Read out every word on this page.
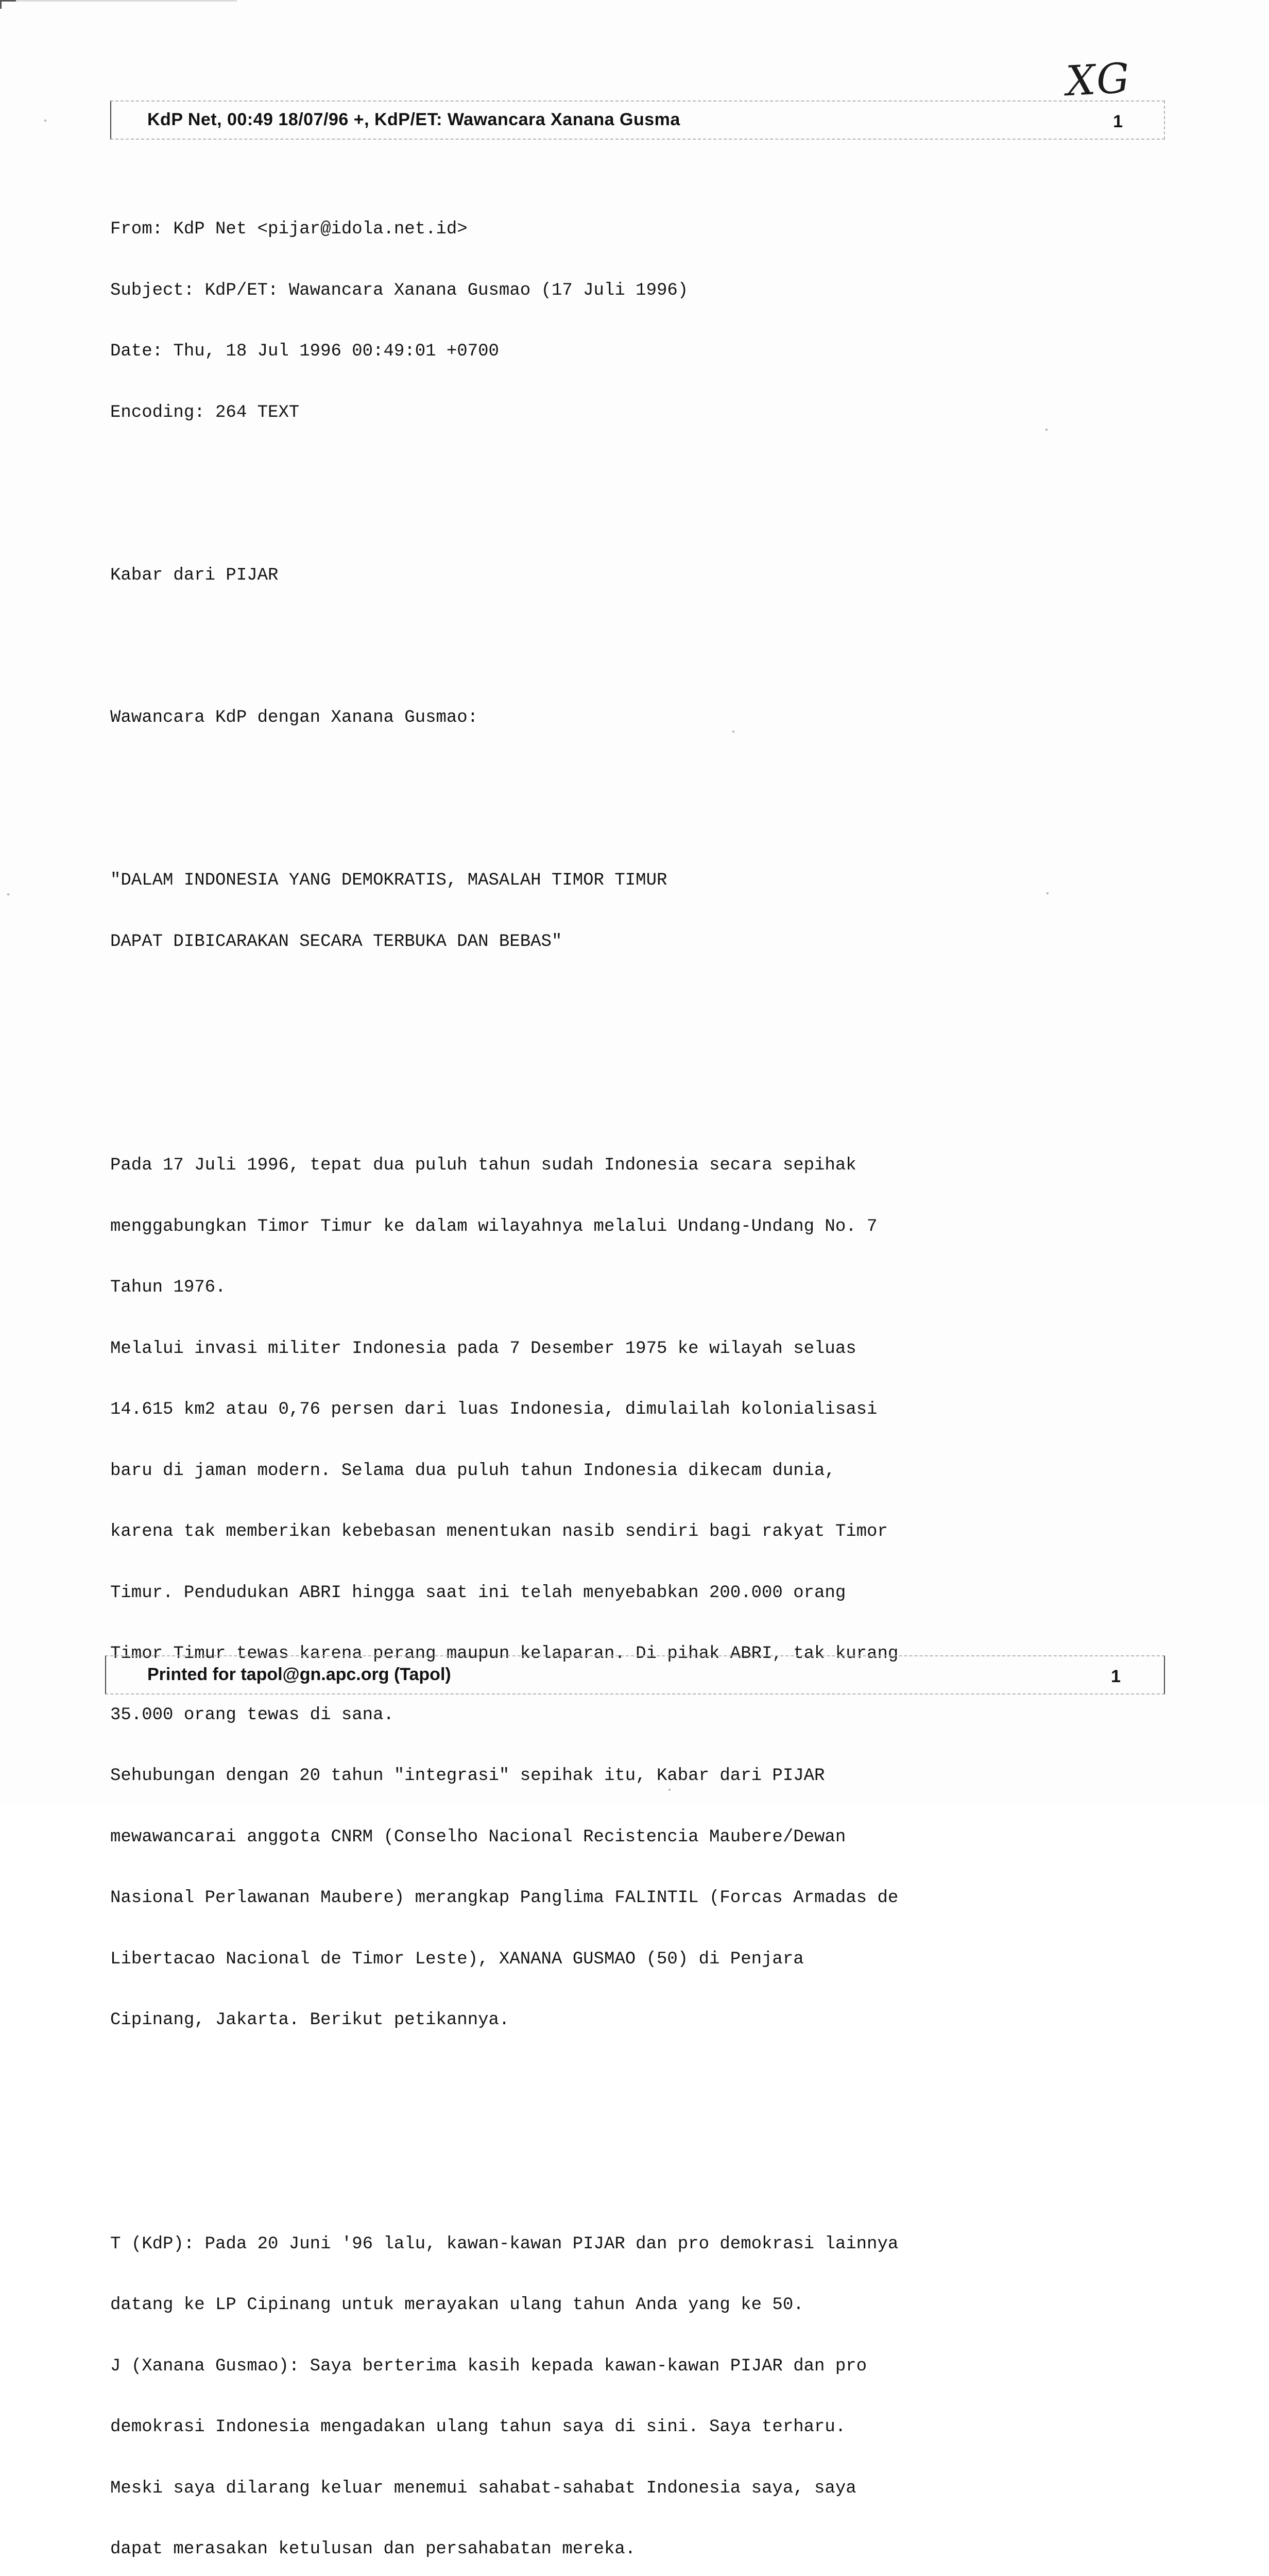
XG
KdP Net, 00:49 18/07/96 +, KdP/ET: Wawancara Xanana Gusma	1

From: KdP Net <pijar@idola.net.id>

Subject: KdP/ET: Wawancara Xanana Gusmao (17 Juli 1996)

Date: Thu, 18 Jul 1996 00:49:01 +0700

Encoding: 264 TEXT

Kabar dari PIJAR

Wawancara KdP dengan Xanana Gusmao:

"DALAM INDONESIA YANG DEMOKRATIS, MASALAH TIMOR TIMUR

DAPAT DIBICARAKAN SECARA TERBUKA DAN BEBAS"

Pada 17 Juli 1996, tepat dua puluh tahun sudah Indonesia secara sepihak

menggabungkan Timor Timur ke dalam wilayahnya melalui Undang-Undang No. 7

Tahun 1976.

Melalui invasi militer Indonesia pada 7 Desember 1975 ke wilayah seluas

14.615 km2 atau 0,76 persen dari luas Indonesia, dimulailah kolonialisasi

baru di jaman modern. Selama dua puluh tahun Indonesia dikecam dunia,

karena tak memberikan kebebasan menentukan nasib sendiri bagi rakyat Timor

Timur. Pendudukan ABRI hingga saat ini telah menyebabkan 200.000 orang

Timor Timur tewas karena perang maupun kelaparan. Di pihak ABRI, tak kurang

35.000 orang tewas di sana.

Sehubungan dengan 20 tahun "integrasi" sepihak itu, Kabar dari PIJAR

mewawancarai anggota CNRM (Conselho Nacional Recistencia Maubere/Dewan

Nasional Perlawanan Maubere) merangkap Panglima FALINTIL (Forcas Armadas de

Libertacao Nacional de Timor Leste), XANANA GUSMAO (50) di Penjara

Cipinang, Jakarta. Berikut petikannya.

T (KdP): Pada 20 Juni '96 lalu, kawan-kawan PIJAR dan pro demokrasi lainnya

datang ke LP Cipinang untuk merayakan ulang tahun Anda yang ke 50.

J (Xanana Gusmao): Saya berterima kasih kepada kawan-kawan PIJAR dan pro

demokrasi Indonesia mengadakan ulang tahun saya di sini. Saya terharu.

Meski saya dilarang keluar menemui sahabat-sahabat Indonesia saya, saya

dapat merasakan ketulusan dan persahabatan mereka.

Printed for tapol@gn.apc.org (Tapol)	1
